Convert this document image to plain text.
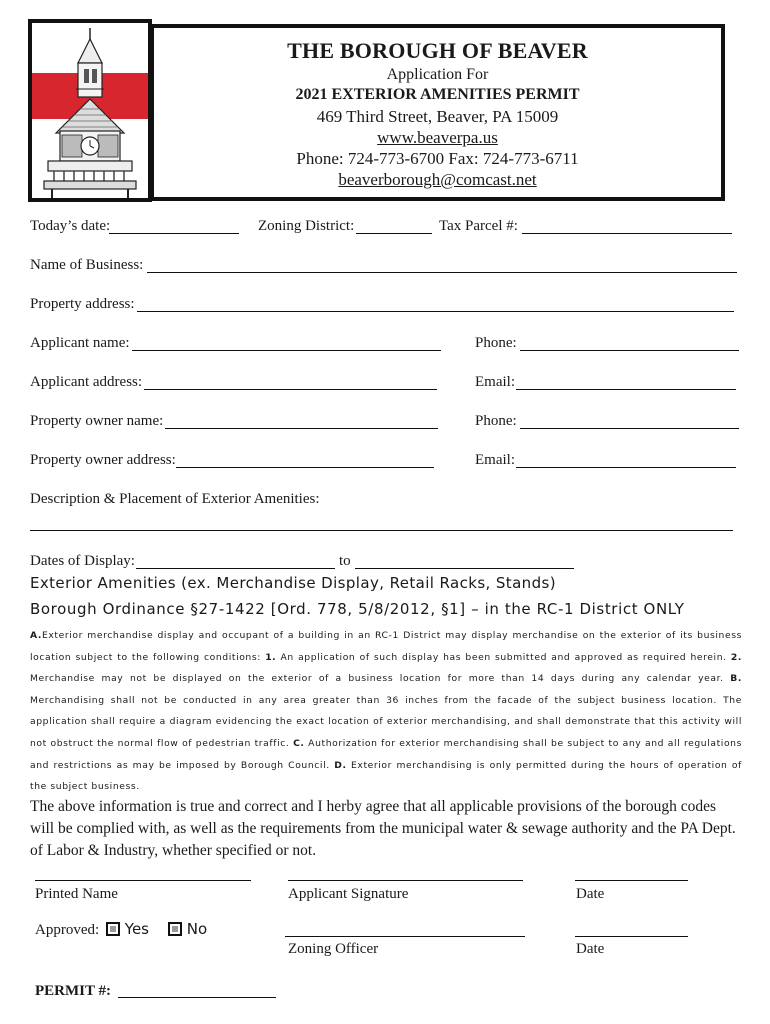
THE BOROUGH OF BEAVER
Application For
2021 EXTERIOR AMENITIES PERMIT
469 Third Street, Beaver, PA 15009
www.beaverpa.us
Phone: 724-773-6700 Fax: 724-773-6711
beaverborough@comcast.net
Today’s date:	Zoning District:	Tax Parcel #:
Name of Business:
Property address:
Applicant name:	Phone:
Applicant address:	Email:
Property owner name:	Phone:
Property owner address:	Email:
Description & Placement of Exterior Amenities:
Dates of Display:	to
Exterior Amenities (ex. Merchandise Display, Retail Racks, Stands)
Borough Ordinance §27-1422 [Ord. 778, 5/8/2012, §1] – in the RC-1 District ONLY
A.Exterior merchandise display and occupant of a building in an RC-1 District may display merchandise on the exterior of its business location subject to the following conditions: 1. An application of such display has been submitted and approved as required herein. 2. Merchandise may not be displayed on the exterior of a business location for more than 14 days during any calendar year. B. Merchandising shall not be conducted in any area greater than 36 inches from the facade of the subject business location. The application shall require a diagram evidencing the exact location of exterior merchandising, and shall demonstrate that this activity will not obstruct the normal flow of pedestrian traffic. C. Authorization for exterior merchandising shall be subject to any and all regulations and restrictions as may be imposed by Borough Council. D. Exterior merchandising is only permitted during the hours of operation of the subject business.
The above information is true and correct and I herby agree that all applicable provisions of the borough codes will be complied with, as well as the requirements from the municipal water & sewage authority and the PA Dept. of Labor & Industry, whether specified or not.
Printed Name	Applicant Signature	Date
Approved:	Yes	No
Zoning Officer	Date
PERMIT #:
